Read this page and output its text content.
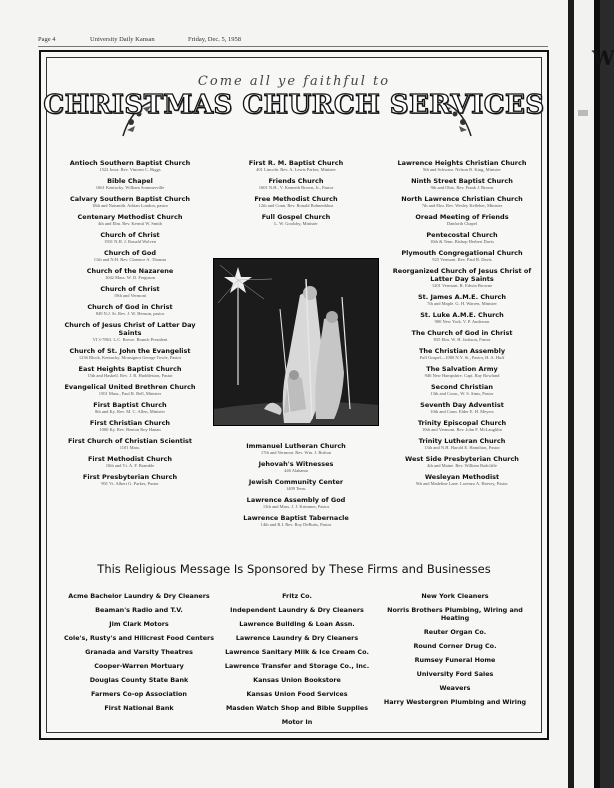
Page 4	University Daily Kansan	Friday, Dec. 5, 1958
Come all ye faithful to
CHRISTMAS CHURCH SERVICES
Antioch Southern Baptist Church
1522 Iowa. Rev. Vincent C. Riggs
Bible Chapel
1661 Kentucky. William Sommerville
Calvary Southern Baptist Church
18th and Naismith. Adrian London, pastor
Centenary Methodist Church
4th and Elm. Rev. Kermit W. Smith
Church of Christ
1501 N.H. J. Ronald Wolven
Church of God
11th and N.H. Rev. Clarence A. Thomas
Church of the Nazarene
1042 Mass. W. D. Ferguson
Church of Christ
19th and Vermont
Church of God in Christ
849 N.J. St. Rev. J. W. Henson, pastor
Church of Jesus Christ of Latter Day Saints
VI 3-7863. L.C. Brewe. Branch President
Church of St. John the Evangelist
1236 Block, Kentucky. Monsignor George Towle, Pastor
East Heights Baptist Church
15th and Haskell. Rev. J. R. Huddleston, Pastor
Evangelical United Brethren Church
1501 Mass., Paul R. Bell, Minister
First Baptist Church
8th and Ky. Rev. M. C. Allen, Minister
First Christian Church
1000 Ky. Rev. Benton Roy Hanan
First Church of Christian Scientist
1101 Mass.
First Methodist Church
10th and Vt. A. F. Bramble
First Presbyterian Church
901 Vt. Albert G. Parker, Pastor
First R. M. Baptist Church
401 Lincoln. Rev. A. Lewis Parker, Minister
Friends Church
1601 N.H., V. Kenneth Brown, Jr., Pastor
Free Methodist Church
12th and Conn. Rev. Ronald Bohnenblust
Full Gospel Church
L. W. Goolsby, Minister
Lawrence Heights Christian Church
9th and Schwarz. Nelson B. King, Minister
Ninth Street Baptist Church
9th and Ohio. Rev. Frank J. Brown
North Lawrence Christian Church
7th and Elm. Rev. Wesley Kelleher, Minister
Oread Meeting of Friends
Danforth Chapel
Pentecostal Church
10th & Tenn. Bishop Herbert Davis
Plymouth Congregational Church
925 Vermont. Rev. Paul R. Davis
Reorganized Church of Jesus Christ of Latter Day Saints
1201 Vermont. R. Edwin Browne
St. James A.M.E. Church
7th and Maple. G. H. Warren, Minister
St. Luke A.M.E. Church
900 New York. V. P. Anderson
The Church of God in Christ
835 Elm. W. H. Jackson, Pastor
The Christian Assembly
Full Gospel—1000 N.Y. St., Pastor, H. A. Huff
The Salvation Army
946 New Hampshire. Capt. Ray Rowland
Second Christian
13th and Conn., W. S. Sims, Pastor
Seventh Day Adventist
10th and Conn. Elder E. H. Meyers
Trinity Episcopal Church
10th and Vermont. Rev. John F. McLaughlin
Trinity Lutheran Church
13th and N.H. Harold E. Hamilton, Pastor
West Side Presbyterian Church
4th and Maine. Rev. William Radcliffe
Wesleyan Methodist
9th and Madeline Lane. Lorenzo A. Harvey, Pastor
Immanuel Lutheran Church
17th and Vermont. Rev. Wm. J. Britton
Jehovah's Witnesses
446 Alabama
Jewish Community Center
1409 Tenn.
Lawrence Assembly of God
13th and Mass. J. J. Krimmer, Pastor
Lawrence Baptist Tabernacle
14th and R.I. Rev. Roy DeButts, Pastor
This Religious Message Is Sponsored by These Firms and Businesses
Acme Bachelor Laundry & Dry Cleaners
Beaman's Radio and T.V.
Jim Clark Motors
Cole's, Rusty's and Hillcrest Food Centers
Granada and Varsity Theatres
Cooper-Warren Mortuary
Douglas County State Bank
Farmers Co-op Association
First National Bank
Fritz Co.
Independent Laundry & Dry Cleaners
Lawrence Building & Loan Assn.
Lawrence Laundry & Dry Cleaners
Lawrence Sanitary Milk & Ice Cream Co.
Lawrence Transfer and Storage Co., Inc.
Kansas Union Bookstore
Kansas Union Food Services
Masden Watch Shop and Bible Supplies
Motor In
New York Cleaners
Norris Brothers Plumbing, Wiring and Heating
Reuter Organ Co.
Round Corner Drug Co.
Rumsey Funeral Home
University Ford Sales
Weavers
Harry Westergren Plumbing and Wiring
W
